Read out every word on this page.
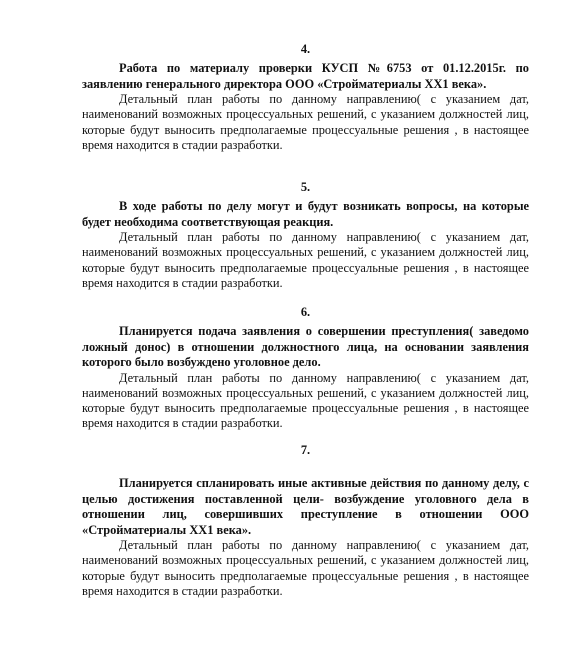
4.

Работа по материалу проверки КУСП №6753 от 01.12.2015г. по заявлению генерального директора ООО «Стройматериалы XX1 века».

Детальный план работы по данному направлению( с указанием дат, наименований возможных процессуальных решений, с указанием должностей лиц, которые будут выносить предполагаемые процессуальные решения , в настоящее время находится в стадии разработки.

5.

В ходе работы по делу могут и будут возникать вопросы, на которые будет необходима соответствующая реакция.

Детальный план работы по данному направлению( с указанием дат, наименований возможных процессуальных решений, с указанием должностей лиц, которые будут выносить предполагаемые процессуальные решения , в настоящее время находится в стадии разработки.

6.

Планируется подача заявления о совершении преступления( заведомо ложный донос) в отношении должностного лица, на основании заявления которого было возбуждено уголовное дело.

Детальный план работы по данному направлению( с указанием дат, наименований возможных процессуальных решений, с указанием должностей лиц, которые будут выносить предполагаемые процессуальные решения , в настоящее время находится в стадии разработки.

7.

Планируется спланировать иные активные действия по данному делу, с целью достижения поставленной цели- возбуждение уголовного дела в отношении лиц, совершивших преступление в отношении ООО «Стройматериалы XX1 века».

Детальный план работы по данному направлению( с указанием дат, наименований возможных процессуальных решений, с указанием должностей лиц, которые будут выносить предполагаемые процессуальные решения , в настоящее время находится в стадии разработки.
